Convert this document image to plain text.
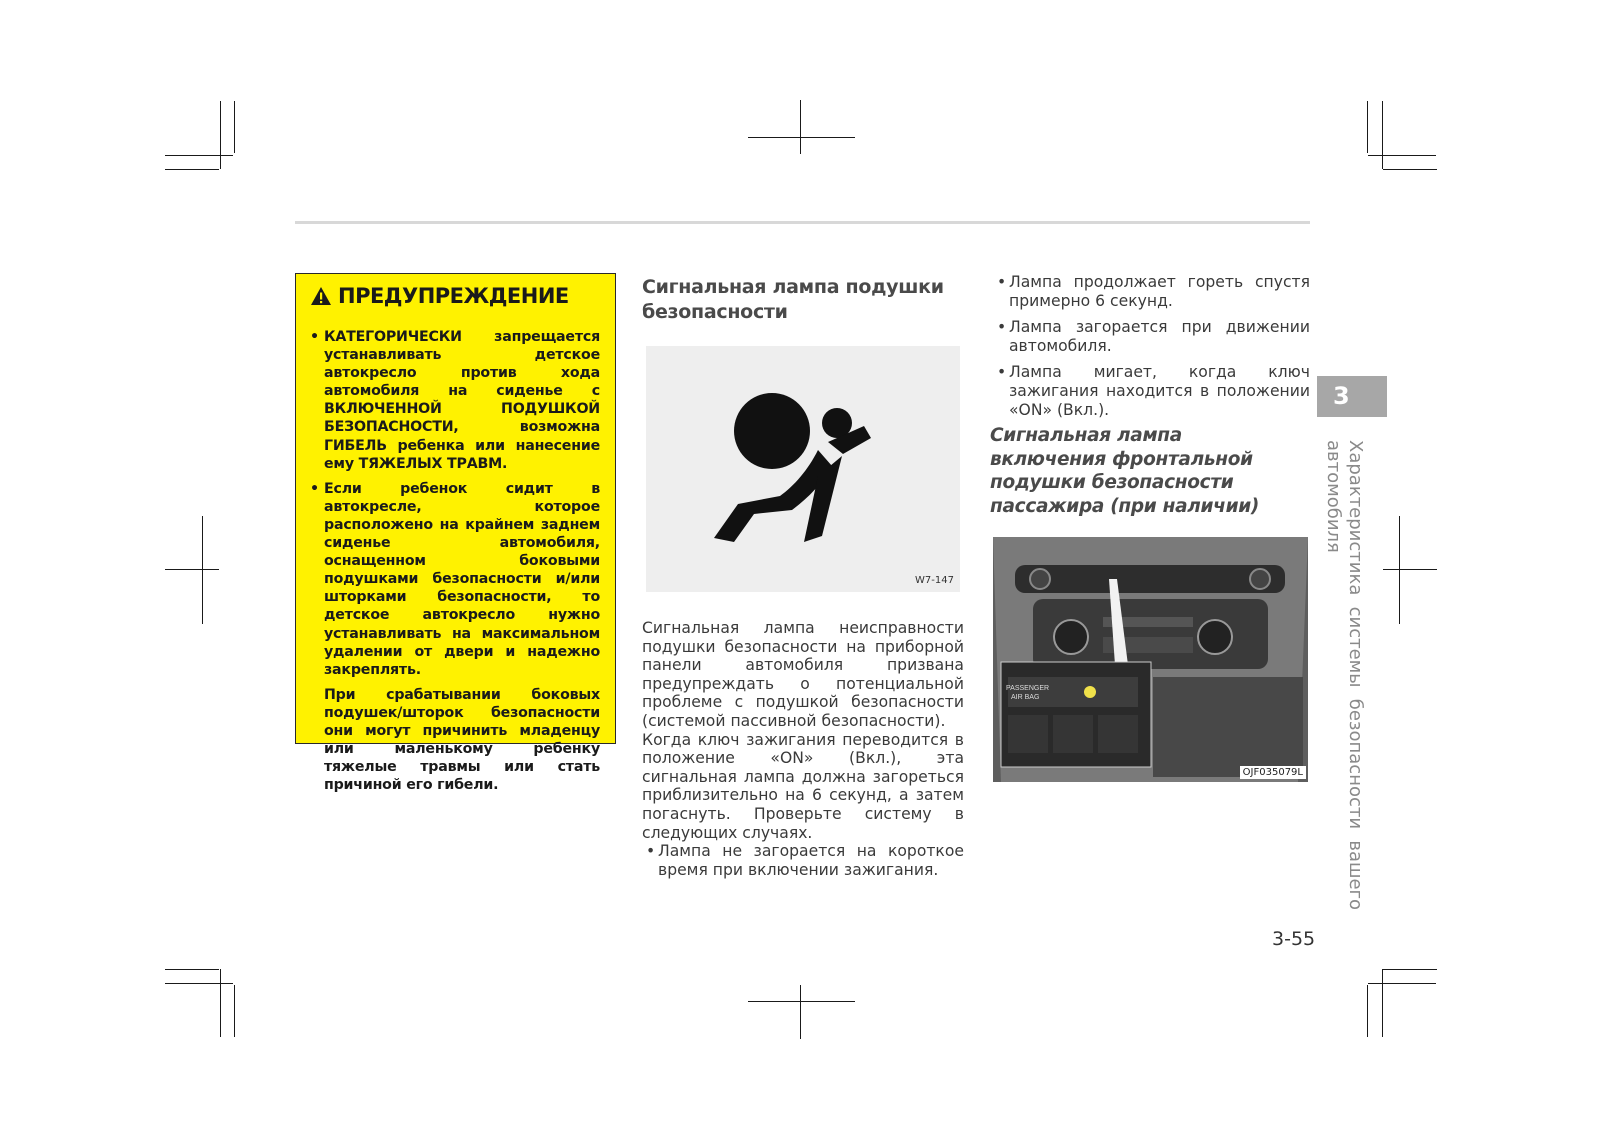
ПРЕДУПРЕЖДЕНИЕ
• КАТЕГОРИЧЕСКИ запрещается устанавливать детское автокресло против хода автомобиля на сиденье с ВКЛЮЧЕННОЙ ПОДУШКОЙ БЕЗОПАСНОСТИ, возможна ГИБЕЛЬ ребенка или нанесение ему ТЯЖЕЛЫХ ТРАВМ.
• Если ребенок сидит в автокресле, которое расположено на крайнем заднем сиденье автомобиля, оснащенном боковыми подушками безопасности и/или шторками безопасности, то детское автокресло нужно устанавливать на максимальном удалении от двери и надежно закреплять.
При срабатывании боковых подушек/шторок безопасности они могут причинить младенцу или маленькому ребенку тяжелые травмы или стать причиной его гибели.
Сигнальная лампа подушки безопасности
W7-147

Сигнальная лампа неисправности подушки безопасности на приборной панели автомобиля призвана предупреждать о потенциальной проблеме с подушкой безопасности (системой пассивной безопасности).

Когда ключ зажигания переводится в положение «ON» (Вкл.), эта сигнальная лампа должна загореться приблизительно на 6 секунд, а затем погаснуть. Проверьте систему в следующих случаях.

• Лампа не загорается на короткое время при включении зажигания.
• Лампа продолжает гореть спустя примерно 6 секунд.
• Лампа загорается при движении автомобиля.
• Лампа мигает, когда ключ зажигания находится в положении «ON» (Вкл.).
Сигнальная лампа включения фронтальной подушки безопасности пассажира (при наличии)
PASSENGER
AIR BAG
OJF035079L
3
Характеристика системы безопасности вашего автомобиля
3-55
